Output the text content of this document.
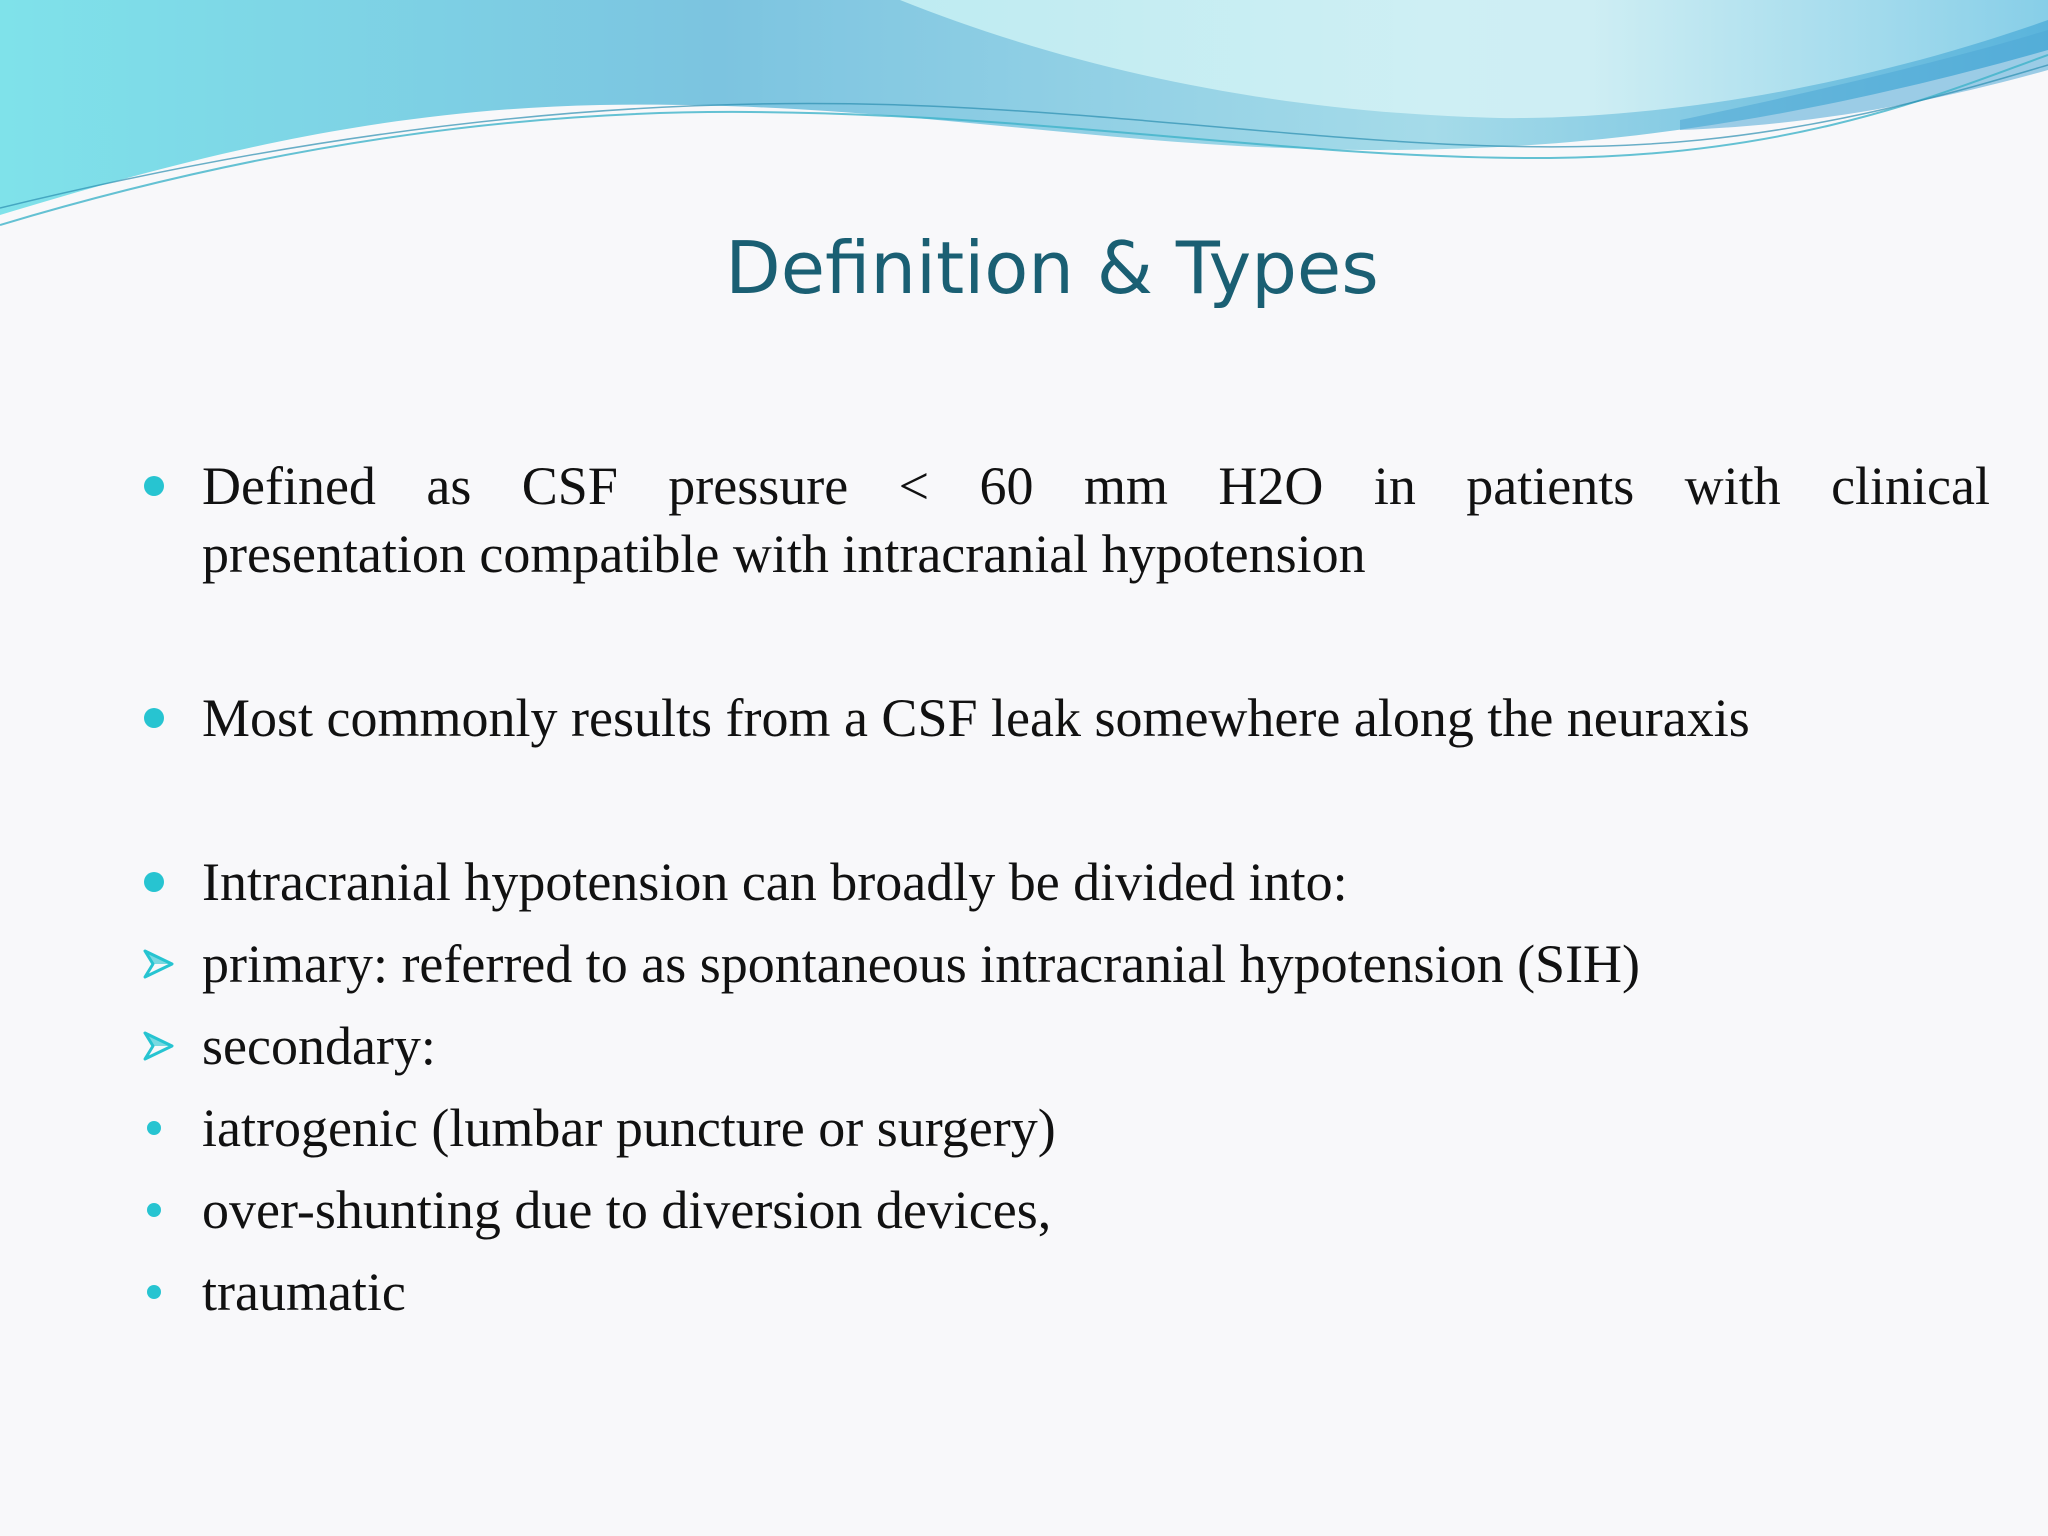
Definition & Types
Defined as CSF pressure < 60 mm H2O in patients with clinical
presentation compatible with intracranial hypotension
Most commonly results from a CSF leak somewhere along the neuraxis
Intracranial hypotension can broadly be divided into:
primary: referred to as spontaneous intracranial hypotension (SIH)
secondary:
iatrogenic (lumbar puncture or surgery)
over-shunting due to diversion devices,
traumatic
